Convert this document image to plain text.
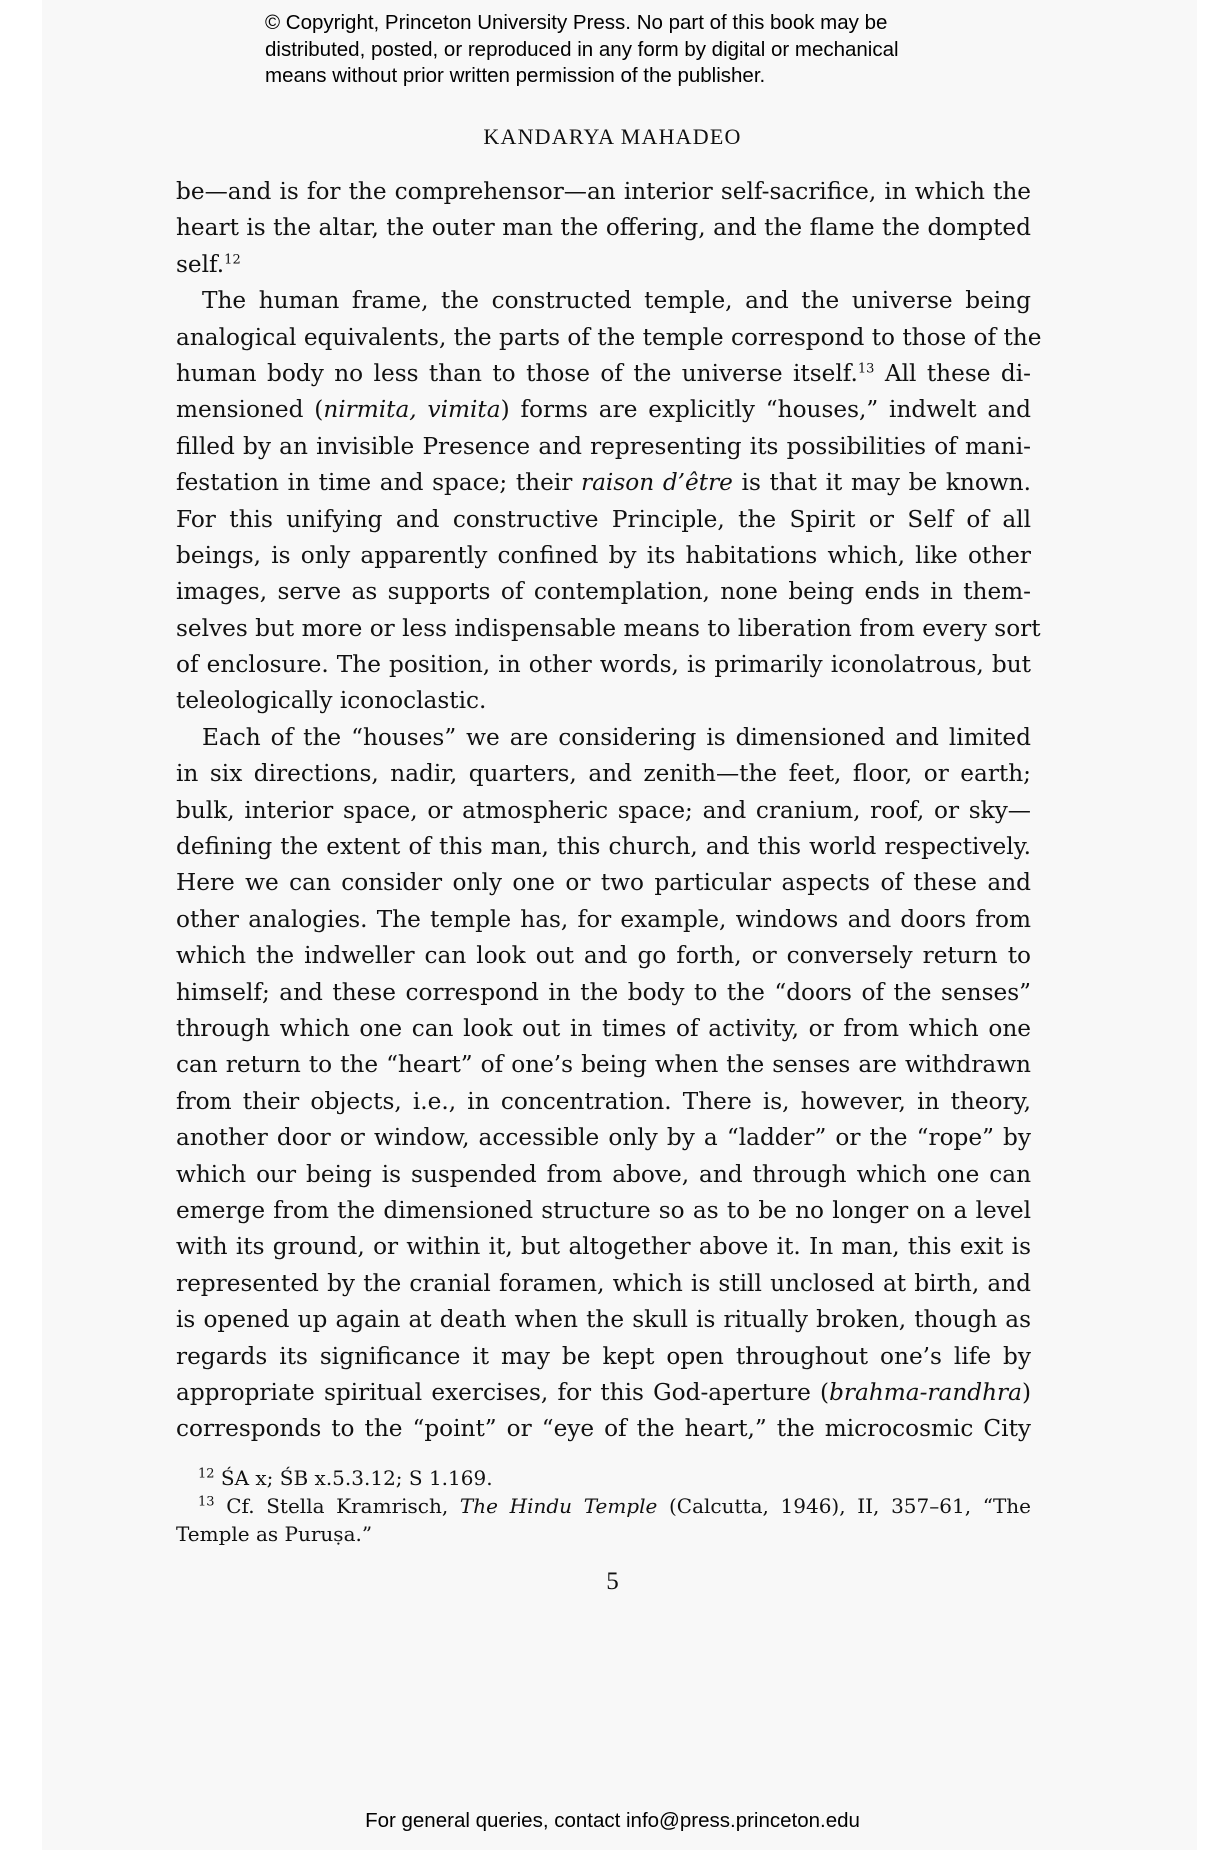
© Copyright, Princeton University Press. No part of this book may be
distributed, posted, or reproduced in any form by digital or mechanical
means without prior written permission of the publisher.
KANDARYA MAHADEO
be—and is for the comprehensor—an interior self-sacrifice, in which the
heart is the altar, the outer man the offering, and the flame the dompted
self.$^{12}$
The human frame, the constructed temple, and the universe being
analogical equivalents, the parts of the temple correspond to those of the
human body no less than to those of the universe itself.$^{13}$ All these di-
mensioned (nirmita, vimita) forms are explicitly “houses,” indwelt and
filled by an invisible Presence and representing its possibilities of mani-
festation in time and space; their raison d’être is that it may be known.
For this unifying and constructive Principle, the Spirit or Self of all
beings, is only apparently confined by its habitations which, like other
images, serve as supports of contemplation, none being ends in them-
selves but more or less indispensable means to liberation from every sort
of enclosure. The position, in other words, is primarily iconolatrous, but
teleologically iconoclastic.
Each of the “houses” we are considering is dimensioned and limited
in six directions, nadir, quarters, and zenith—the feet, floor, or earth;
bulk, interior space, or atmospheric space; and cranium, roof, or sky—
defining the extent of this man, this church, and this world respectively.
Here we can consider only one or two particular aspects of these and
other analogies. The temple has, for example, windows and doors from
which the indweller can look out and go forth, or conversely return to
himself; and these correspond in the body to the “doors of the senses”
through which one can look out in times of activity, or from which one
can return to the “heart” of one’s being when the senses are withdrawn
from their objects, i.e., in concentration. There is, however, in theory,
another door or window, accessible only by a “ladder” or the “rope” by
which our being is suspended from above, and through which one can
emerge from the dimensioned structure so as to be no longer on a level
with its ground, or within it, but altogether above it. In man, this exit is
represented by the cranial foramen, which is still unclosed at birth, and
is opened up again at death when the skull is ritually broken, though as
regards its significance it may be kept open throughout one’s life by
appropriate spiritual exercises, for this God-aperture (brahma-randhra)
corresponds to the “point” or “eye of the heart,” the microcosmic City
$^{12}$ ŚA x; ŚB x.5.3.12; S 1.169.
$^{13}$ Cf. Stella Kramrisch, The Hindu Temple (Calcutta, 1946), II, 357–61, “The
Temple as Puruṣa.”
5
For general queries, contact info@press.princeton.edu
